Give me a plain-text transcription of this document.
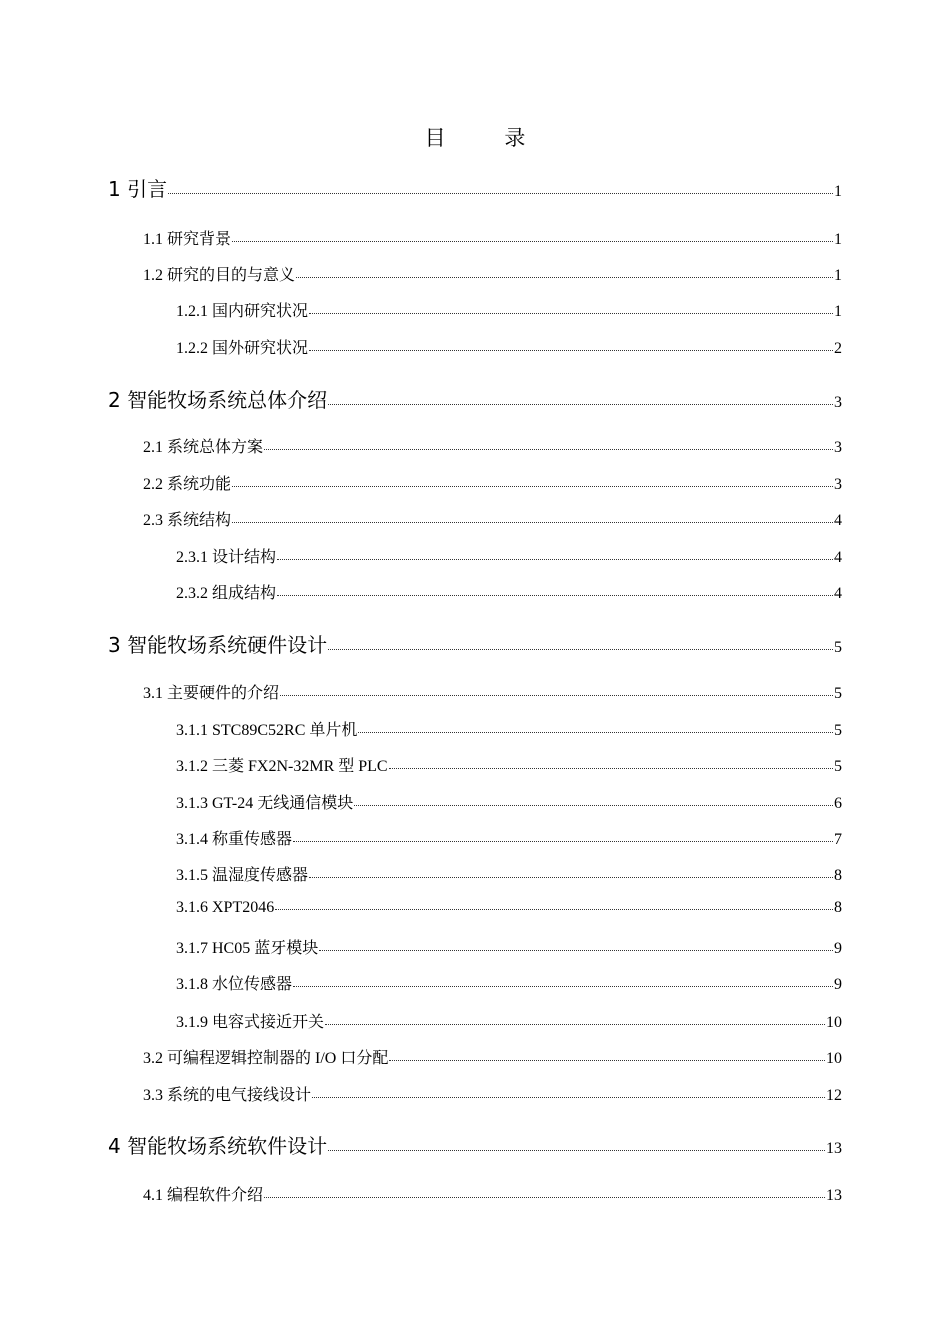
目 录
1 引言	1
1.1 研究背景	1
1.2 研究的目的与意义	1
1.2.1 国内研究状况	1
1.2.2 国外研究状况	2
2 智能牧场系统总体介绍	3
2.1 系统总体方案	3
2.2 系统功能	3
2.3 系统结构	4
2.3.1 设计结构	4
2.3.2 组成结构	4
3 智能牧场系统硬件设计	5
3.1 主要硬件的介绍	5
3.1.1 STC89C52RC 单片机	5
3.1.2 三菱 FX2N-32MR 型 PLC	5
3.1.3 GT-24 无线通信模块	6
3.1.4 称重传感器	7
3.1.5 温湿度传感器	8
3.1.6 XPT2046	8
3.1.7 HC05 蓝牙模块	9
3.1.8 水位传感器	9
3.1.9 电容式接近开关	10
3.2 可编程逻辑控制器的 I/O 口分配	10
3.3 系统的电气接线设计	12
4 智能牧场系统软件设计	13
4.1 编程软件介绍	13
